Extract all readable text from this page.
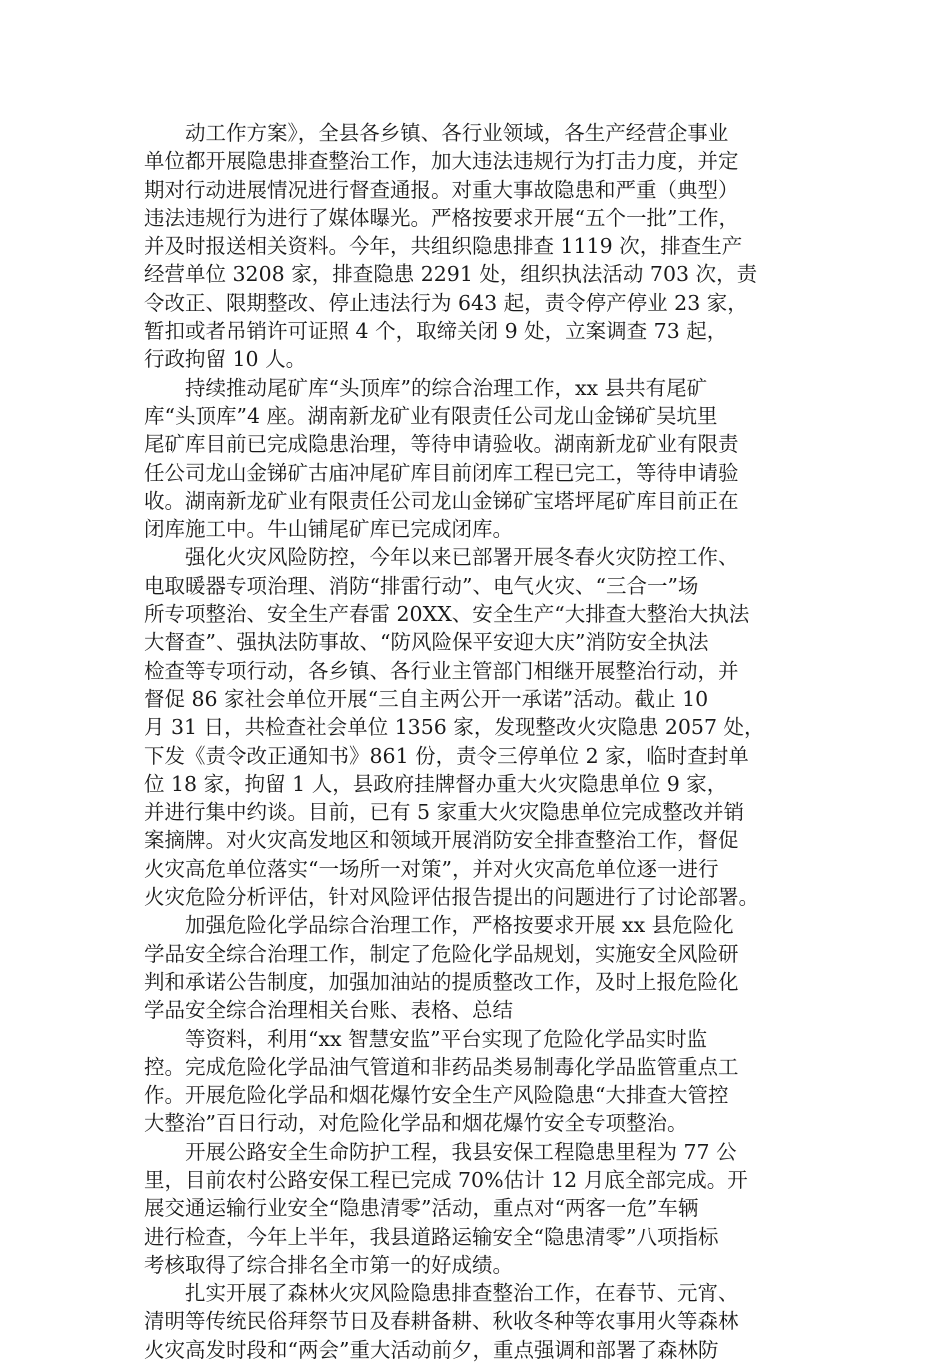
动工作方案》，全县各乡镇、各行业领域，各生产经营企事业
单位都开展隐患排查整治工作，加大违法违规行为打击力度，并定
期对行动进展情况进行督查通报。对重大事故隐患和严重（典型）
违法违规行为进行了媒体曝光。严格按要求开展“五个一批”工作，
并及时报送相关资料。今年，共组织隐患排查 1119 次，排查生产
经营单位 3208 家，排查隐患 2291 处，组织执法活动 703 次，责
令改正、限期整改、停止违法行为 643 起，责令停产停业 23 家，
暂扣或者吊销许可证照 4 个，取缔关闭 9 处，立案调查 73 起，
行政拘留 10 人。
持续推动尾矿库“头顶库”的综合治理工作，xx 县共有尾矿
库“头顶库”4 座。湖南新龙矿业有限责任公司龙山金锑矿吴坑里
尾矿库目前已完成隐患治理，等待申请验收。湖南新龙矿业有限责
任公司龙山金锑矿古庙冲尾矿库目前闭库工程已完工，等待申请验
收。湖南新龙矿业有限责任公司龙山金锑矿宝塔坪尾矿库目前正在
闭库施工中。牛山铺尾矿库已完成闭库。
强化火灾风险防控，今年以来已部署开展冬春火灾防控工作、
电取暖器专项治理、消防“排雷行动”、电气火灾、“三合一”场
所专项整治、安全生产春雷 20XX、安全生产“大排查大整治大执法
大督查”、强执法防事故、“防风险保平安迎大庆”消防安全执法
检查等专项行动，各乡镇、各行业主管部门相继开展整治行动，并
督促 86 家社会单位开展“三自主两公开一承诺”活动。截止 10
月 31 日，共检查社会单位 1356 家，发现整改火灾隐患 2057 处，
下发《责令改正通知书》861 份，责令三停单位 2 家，临时查封单
位 18 家，拘留 1 人，县政府挂牌督办重大火灾隐患单位 9 家，
并进行集中约谈。目前，已有 5 家重大火灾隐患单位完成整改并销
案摘牌。对火灾高发地区和领域开展消防安全排查整治工作，督促
火灾高危单位落实“一场所一对策”，并对火灾高危单位逐一进行
火灾危险分析评估，针对风险评估报告提出的问题进行了讨论部署。
加强危险化学品综合治理工作，严格按要求开展 xx 县危险化
学品安全综合治理工作，制定了危险化学品规划，实施安全风险研
判和承诺公告制度，加强加油站的提质整改工作，及时上报危险化
学品安全综合治理相关台账、表格、总结
等资料，利用“xx 智慧安监”平台实现了危险化学品实时监
控。完成危险化学品油气管道和非药品类易制毒化学品监管重点工
作。开展危险化学品和烟花爆竹安全生产风险隐患“大排查大管控
大整治”百日行动，对危险化学品和烟花爆竹安全专项整治。
开展公路安全生命防护工程，我县安保工程隐患里程为 77 公
里，目前农村公路安保工程已完成 70%估计 12 月底全部完成。开
展交通运输行业安全“隐患清零”活动，重点对“两客一危”车辆
进行检查，今年上半年，我县道路运输安全“隐患清零”八项指标
考核取得了综合排名全市第一的好成绩。
扎实开展了森林火灾风险隐患排查整治工作，在春节、元宵、
清明等传统民俗拜祭节日及春耕备耕、秋收冬种等农事用火等森林
火灾高发时段和“两会”重大活动前夕，重点强调和部署了森林防
